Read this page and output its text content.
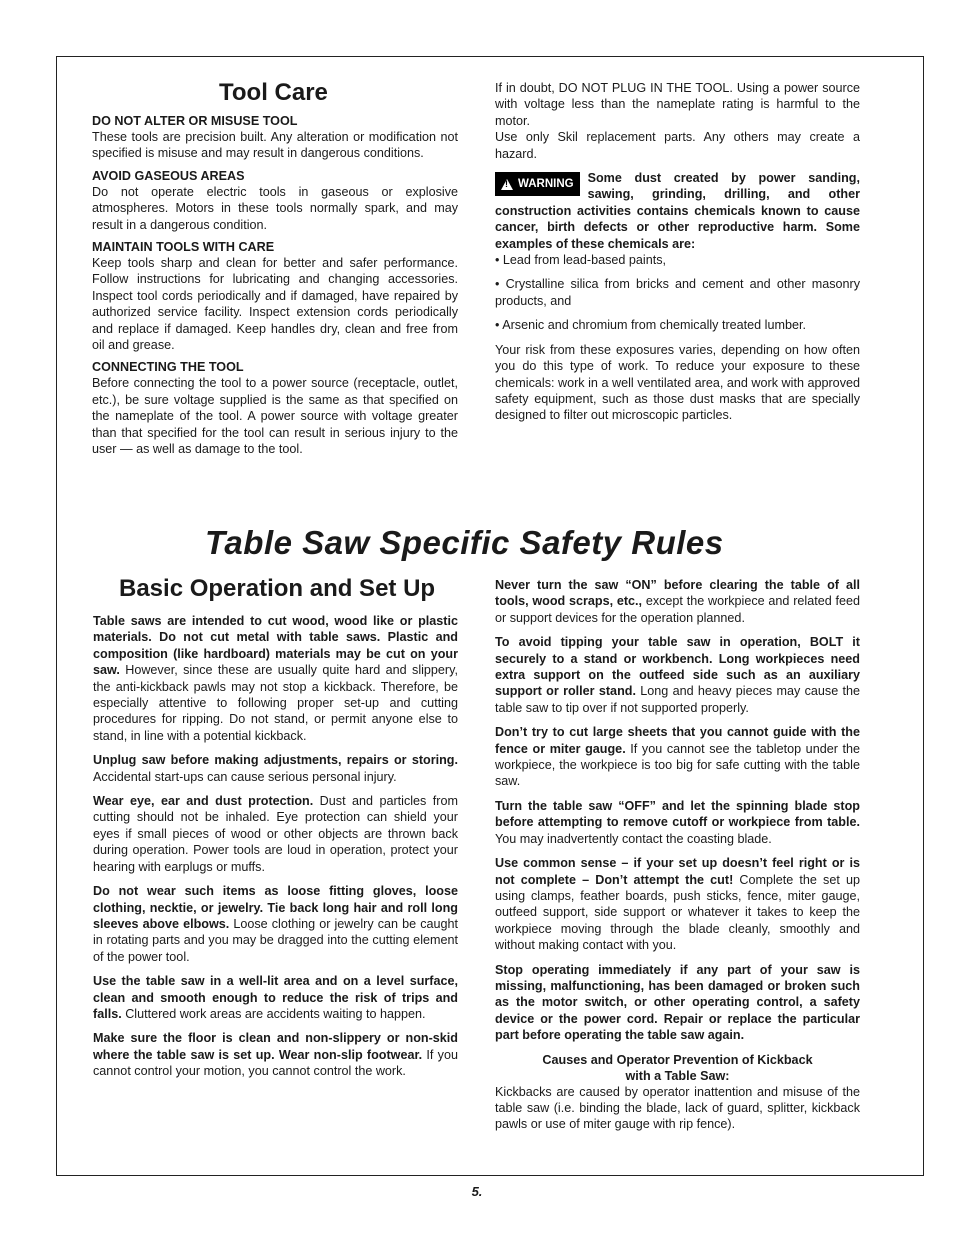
Tool Care

DO NOT ALTER OR MISUSE TOOL

These tools are precision built. Any alteration or modification not specified is misuse and may result in dangerous conditions.

AVOID GASEOUS AREAS

Do not operate electric tools in gaseous or explosive atmospheres. Motors in these tools normally spark, and may result in a dangerous condition.

MAINTAIN TOOLS WITH CARE

Keep tools sharp and clean for better and safer performance. Follow instructions for lubricating and changing accessories. Inspect tool cords periodically and if damaged, have repaired by authorized service facility. Inspect extension cords periodically and replace if damaged. Keep handles dry, clean and free from oil and grease.

CONNECTING THE TOOL

Before connecting the tool to a power source (receptacle, outlet, etc.), be sure voltage supplied is the same as that specified on the nameplate of the tool. A power source with voltage greater than that specified for the tool can result in serious injury to the user — as well as damage to the tool.

If in doubt, DO NOT PLUG IN THE TOOL. Using a power source with voltage less than the nameplate rating is harmful to the motor.

Use only Skil replacement parts. Any others may create a hazard.

!
WARNING	Some dust created by power sanding, sawing, grinding, drilling, and other construction activities contains chemicals known to cause cancer, birth defects or other reproductive harm. Some examples of these chemicals are:

• Lead from lead-based paints,

• Crystalline silica from bricks and cement and other masonry products, and

• Arsenic and chromium from chemically treated lumber.

Your risk from these exposures varies, depending on how often you do this type of work. To reduce your exposure to these chemicals: work in a well ventilated area, and work with approved safety equipment, such as those dust masks that are specially designed to filter out microscopic particles.

Table Saw Specific Safety Rules
Basic Operation and Set Up

Table saws are intended to cut wood, wood like or plastic materials. Do not cut metal with table saws. Plastic and composition (like hardboard) materials may be cut on your saw. However, since these are usually quite hard and slippery, the anti-kickback pawls may not stop a kickback. Therefore, be especially attentive to following proper set-up and cutting procedures for ripping. Do not stand, or permit anyone else to stand, in line with a potential kickback.

Unplug saw before making adjustments, repairs or storing. Accidental start-ups can cause serious personal injury.

Wear eye, ear and dust protection. Dust and particles from cutting should not be inhaled. Eye protection can shield your eyes if small pieces of wood or other objects are thrown back during operation. Power tools are loud in operation, protect your hearing with earplugs or muffs.

Do not wear such items as loose fitting gloves, loose clothing, necktie, or jewelry. Tie back long hair and roll long sleeves above elbows. Loose clothing or jewelry can be caught in rotating parts and you may be dragged into the cutting element of the power tool.

Use the table saw in a well-lit area and on a level surface, clean and smooth enough to reduce the risk of trips and falls. Cluttered work areas are accidents waiting to happen.

Make sure the floor is clean and non-slippery or non-skid where the table saw is set up. Wear non-slip footwear. If you cannot control your motion, you cannot control the work.

Never turn the saw “ON” before clearing the table of all tools, wood scraps, etc., except the workpiece and related feed or support devices for the operation planned.

To avoid tipping your table saw in operation, BOLT it securely to a stand or workbench. Long workpieces need extra support on the outfeed side such as an auxiliary support or roller stand. Long and heavy pieces may cause the table saw to tip over if not supported properly.

Don’t try to cut large sheets that you cannot guide with the fence or miter gauge. If you cannot see the tabletop under the workpiece, the workpiece is too big for safe cutting with the table saw.

Turn the table saw “OFF” and let the spinning blade stop before attempting to remove cutoff or workpiece from table. You may inadvertently contact the coasting blade.

Use common sense – if your set up doesn’t feel right or is not complete – Don’t attempt the cut! Complete the set up using clamps, feather boards, push sticks, fence, miter gauge, outfeed support, side support or whatever it takes to keep the workpiece moving through the blade cleanly, smoothly and without making contact with you.

Stop operating immediately if any part of your saw is missing, malfunctioning, has been damaged or broken such as the motor switch, or other operating control, a safety device or the power cord. Repair or replace the particular part before operating the table saw again.

Causes and Operator Prevention of Kickback

with a Table Saw:

Kickbacks are caused by operator inattention and misuse of the table saw (i.e. binding the blade, lack of guard, splitter, kickback pawls or use of miter gauge with rip fence).

5.
